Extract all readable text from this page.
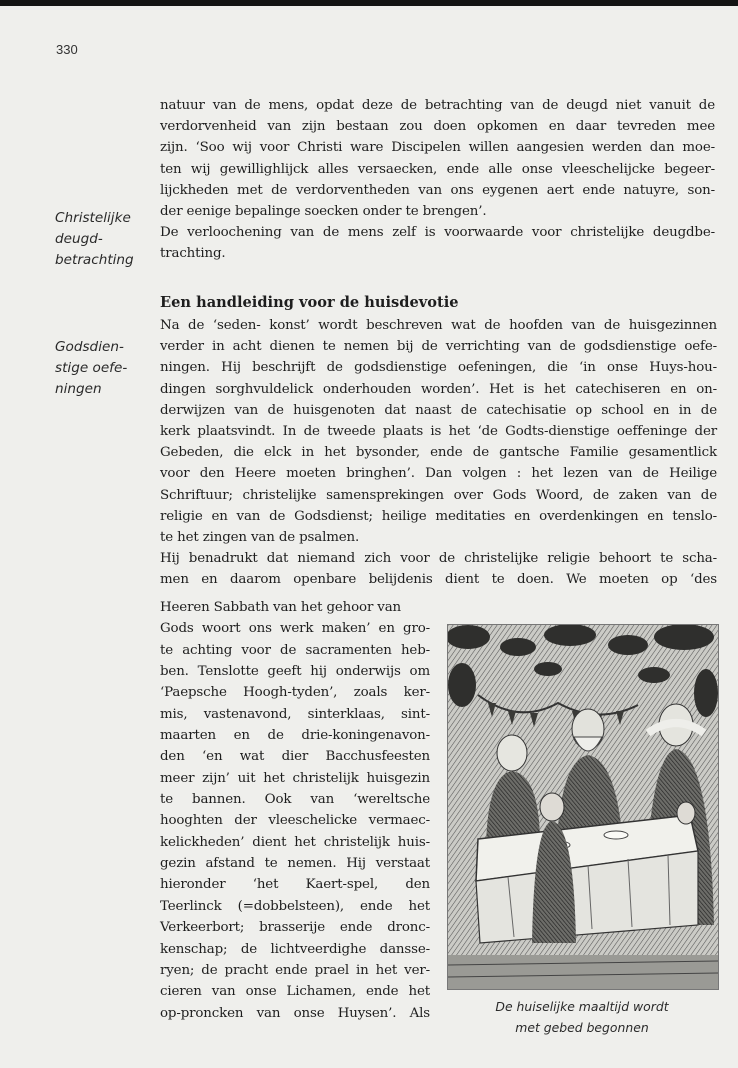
330
Christelijke
deugd-
betrachting
Godsdien-
stige oefe-
ningen
natuur van de mens, opdat deze de betrachting van de deugd niet vanuit de
verdorvenheid van zijn bestaan zou doen opkomen en daar tevreden mee
zijn. ‘Soo wij voor Christi ware Discipelen willen aangesien werden dan moe-
ten wij gewillighlijck alles versaecken, ende alle onse vleeschelijcke begeer-
lijckheden met de verdorventheden van ons eygenen aert ende natuyre, son-
der eenige bepalinge soecken onder te brengen’.
De verloochening van de mens zelf is voorwaarde voor christelijke deugdbe-
trachting.
Een handleiding voor de huisdevotie
Na de ‘seden- konst’ wordt beschreven wat de hoofden van de huisgezinnen
verder in acht dienen te nemen bij de verrichting van de godsdienstige oefe-
ningen. Hij beschrijft de godsdienstige oefeningen, die ‘in onse Huys-hou-
dingen sorghvuldelick onderhouden worden’. Het is het catechiseren en on-
derwijzen van de huisgenoten dat naast de catechisatie op school en in de
kerk plaatsvindt. In de tweede plaats is het ‘de Godts-dienstige oeffeninge der
Gebeden, die elck in het bysonder, ende de gantsche Familie gesamentlick
voor den Heere moeten bringhen’. Dan volgen : het lezen van de Heilige
Schriftuur; christelijke samensprekingen over Gods Woord, de zaken van de
religie en van de Godsdienst; heilige meditaties en overdenkingen en tenslo-
te het zingen van de psalmen.
Hij benadrukt dat niemand zich voor de christelijke religie behoort te scha-
men en daarom openbare belijdenis dient te doen. We moeten op ‘des
Heeren Sabbath van het gehoor van
Gods woort ons werk maken’ en gro-
te achting voor de sacramenten heb-
ben. Tenslotte geeft hij onderwijs om
‘Paepsche Hoogh-tyden’, zoals ker-
mis, vastenavond, sinterklaas, sint-
maarten en de drie-koningenavon-
den ‘en wat dier Bacchusfeesten
meer zijn’ uit het christelijk huisgezin
te bannen. Ook van ‘wereltsche
hooghten der vleeschelicke vermaec-
kelickheden’ dient het christelijk huis-
gezin afstand te nemen. Hij verstaat
hieronder ‘het Kaert-spel, den
Teerlinck (=dobbelsteen), ende het
Verkeerbort; brasserije ende dronc-
kenschap; de lichtveerdighe dansse-
ryen; de pracht ende prael in het ver-
cieren van onse Lichamen, ende het
op-proncken van onse Huysen’. Als	De huiselijke maaltijd wordt
met gebed begonnen
